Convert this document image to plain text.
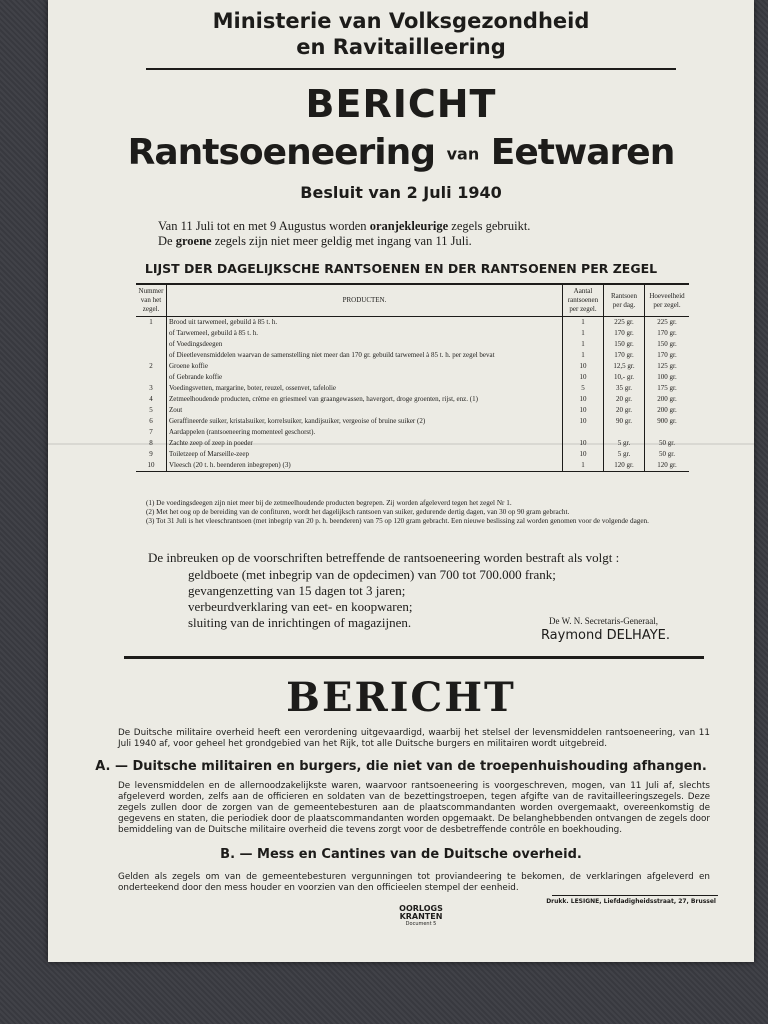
Ministerie van Volksgezondheid
en Ravitailleering
BERICHT
Rantsoeneering van Eetwaren
Besluit van 2 Juli 1940
Van 11 Juli tot en met 9 Augustus worden oranjekleurige zegels gebruikt.
De groene zegels zijn niet meer geldig met ingang van 11 Juli.
LIJST DER DAGELIJKSCHE RANTSOENEN EN DER RANTSOENEN PER ZEGEL
Nummer van het zegel.	PRODUCTEN.	Aantal rantsoenen per zegel.	Rantsoen per dag.	Hoeveelheid per zegel.
1	Brood uit tarwemeel, gebuild à 85 t. h.	1	225 gr.	225 gr.
	of Tarwemeel, gebuild à 85 t. h.	1	170 gr.	170 gr.
	of Voedingsdeegen	1	150 gr.	150 gr.
	of Dieetlevensmiddelen waarvan de samenstelling niet meer dan 170 gr. gebuild tarwemeel à 85 t. h. per zegel bevat	1	170 gr.	170 gr.
2	Groene koffie	10	12,5 gr.	125 gr.
	of Gebrande koffie	10	10,- gr.	100 gr.
3	Voedingsvetten, margarine, boter, reuzel, ossenvet, tafelolie	5	35 gr.	175 gr.
4	Zetmeelhoudende producten, crème en griesmeel van graangewassen, havergort, droge groenten, rijst, enz. (1)	10	20 gr.	200 gr.
5	Zout	10	20 gr.	200 gr.
6	Geraffineerde suiker, kristalsuiker, korrelsuiker, kandijsuiker, vergeoise of bruine suiker (2)	10	90 gr.	900 gr.
7	Aardappelen (rantsoeneering momenteel geschorst).			
8	Zachte zeep of zeep in poeder	10	5 gr.	50 gr.
9	Toiletzeep of Marseille-zeep	10	5 gr.	50 gr.
10	Vleesch (20 t. h. beenderen inbegrepen) (3)	1	120 gr.	120 gr.
(1) De voedingsdeegen zijn niet meer bij de zetmeelhoudende producten begrepen. Zij worden afgeleverd tegen het zegel Nr 1.
(2) Met het oog op de bereiding van de confituren, wordt het dagelijksch rantsoen van suiker, gedurende dertig dagen, van 30 op 90 gram gebracht.
(3) Tot 31 Juli is het vleeschrantsoen (met inbegrip van 20 p. h. beenderen) van 75 op 120 gram gebracht. Een nieuwe beslissing zal worden genomen voor de volgende dagen.
De inbreuken op de voorschriften betreffende de rantsoeneering worden bestraft als volgt :
geldboete (met inbegrip van de opdecimen) van 700 tot 700.000 frank;
gevangenzetting van 15 dagen tot 3 jaren;
verbeurdverklaring van eet- en koopwaren;
sluiting van de inrichtingen of magazijnen.	De W. N. Secretaris-Generaal,
Raymond DELHAYE.
BERICHT
De Duitsche militaire overheid heeft een verordening uitgevaardigd, waarbij het stelsel der levensmiddelen rantsoeneering, van 11 Juli 1940 af, voor geheel het grondgebied van het Rijk, tot alle Duitsche burgers en militairen wordt uitgebreid.
A. — Duitsche militairen en burgers, die niet van de troepenhuishouding afhangen.
De levensmiddelen en de allernoodzakelijkste waren, waarvoor rantsoeneering is voorgeschreven, mogen, van 11 Juli af, slechts afgeleverd worden, zelfs aan de officieren en soldaten van de bezettingstroepen, tegen afgifte van de ravitailleeringszegels. Deze zegels zullen door de zorgen van de gemeentebesturen aan de plaatscommandanten worden overgemaakt, overeenkomstig de gegevens en staten, die periodiek door de plaatscommandanten worden opgemaakt. De belanghebbenden ontvangen de zegels door bemiddeling van de Duitsche militaire overheid die tevens zorgt voor de desbetreffende contrôle en boekhouding.
B. — Mess en Cantines van de Duitsche overheid.
Gelden als zegels om van de gemeentebesturen vergunningen tot proviandeering te bekomen, de verklaringen afgeleverd en onderteekend door den mess houder en voorzien van den officieelen stempel der eenheid.
Drukk. LESIGNE, Liefdadigheidsstraat, 27, Brussel
OORLOGS
KRANTEN
Document 5
